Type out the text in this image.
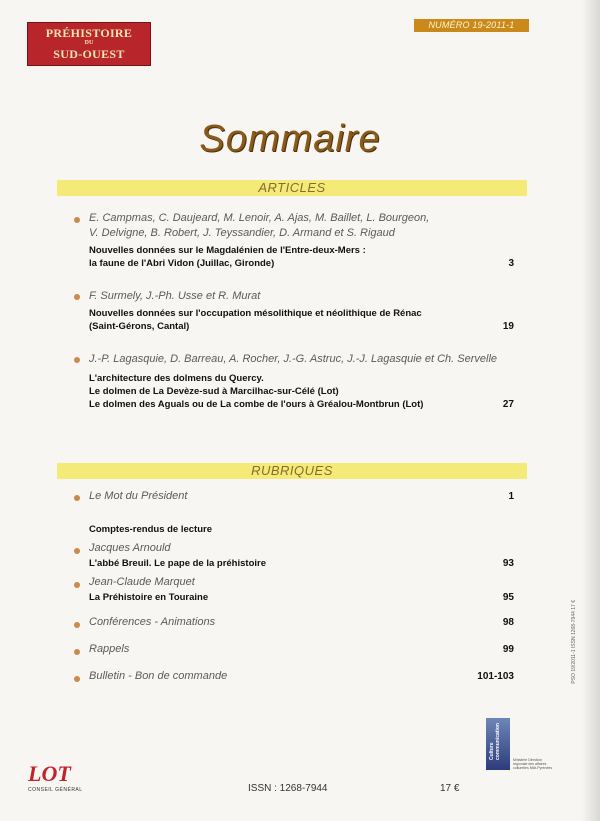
PRÉHISTOIRE
DU
SUD-OUEST
NUMÉRO 19-2011-1
Sommaire
ARTICLES
E. Campmas, C. Daujeard, M. Lenoir, A. Ajas, M. Baillet, L. Bourgeon,
V. Delvigne, B. Robert, J. Teyssandier, D. Armand et S. Rigaud
Nouvelles données sur le Magdalénien de l'Entre-deux-Mers :
la faune de l'Abri Vidon (Juillac, Gironde)	3
F. Surmely, J.-Ph. Usse et R. Murat
Nouvelles données sur l'occupation mésolithique et néolithique de Rénac
(Saint-Gérons, Cantal)	19
J.-P. Lagasquie, D. Barreau, A. Rocher, J.-G. Astruc, J.-J. Lagasquie et Ch. Servelle
L'architecture des dolmens du Quercy.
Le dolmen de La Devèze-sud à Marcilhac-sur-Célé (Lot)
Le dolmen des Aguals ou de La combe de l'ours à Gréalou-Montbrun (Lot)	27
RUBRIQUES
Le Mot du Président	1
Comptes-rendus de lecture
Jacques Arnould
L'abbé Breuil. Le pape de la préhistoire	93
Jean-Claude Marquet
La Préhistoire en Touraine	95
Conférences - Animations	98
Rappels	99
Bulletin - Bon de commande	101-103
LOT
CONSEIL GÉNÉRAL	ISSN : 1268-7944	17 €
Culture communication	Ministère Direction régionale des affaires culturelles Midi-Pyrénées
PSO 19/2011-1 ISSN 1268-7944 17 €
